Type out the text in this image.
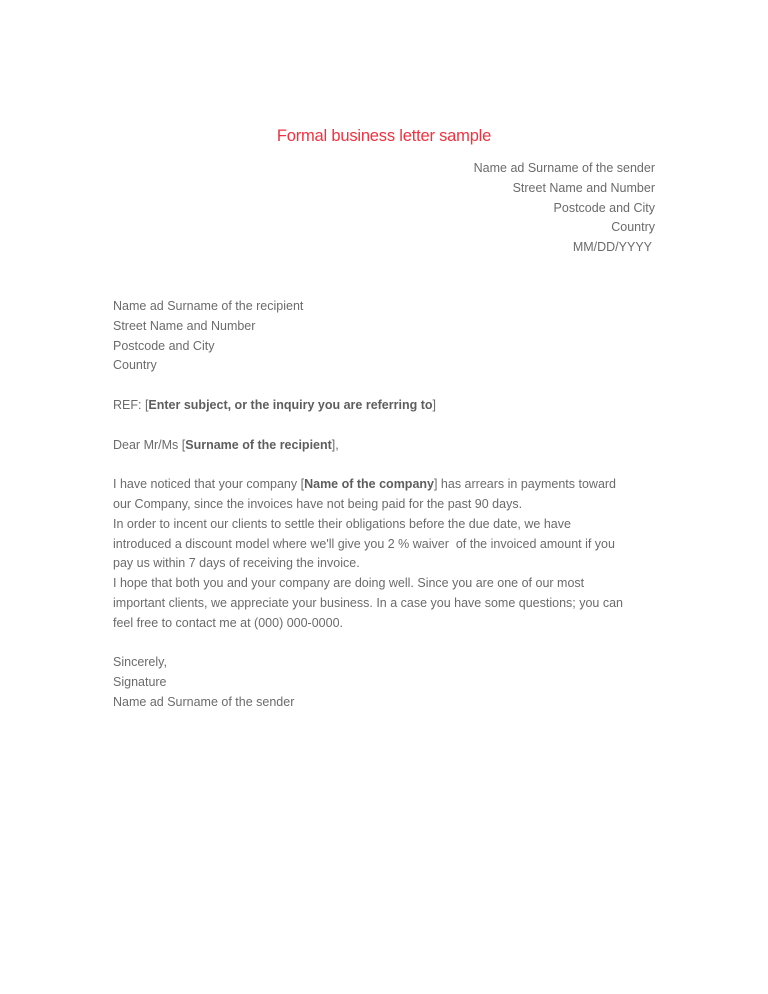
Formal business letter sample
Name ad Surname of the sender
Street Name and Number
Postcode and City
Country
MM/DD/YYYY
Name ad Surname of the recipient
Street Name and Number
Postcode and City
Country
REF: [Enter subject, or the inquiry you are referring to]
Dear Mr/Ms [Surname of the recipient],
I have noticed that your company [Name of the company] has arrears in payments toward
our Company, since the invoices have not being paid for the past 90 days.
In order to incent our clients to settle their obligations before the due date, we have
introduced a discount model where we'll give you 2 % waiver  of the invoiced amount if you
pay us within 7 days of receiving the invoice.
I hope that both you and your company are doing well. Since you are one of our most
important clients, we appreciate your business. In a case you have some questions; you can
feel free to contact me at (000) 000-0000.
Sincerely,
Signature
Name ad Surname of the sender
